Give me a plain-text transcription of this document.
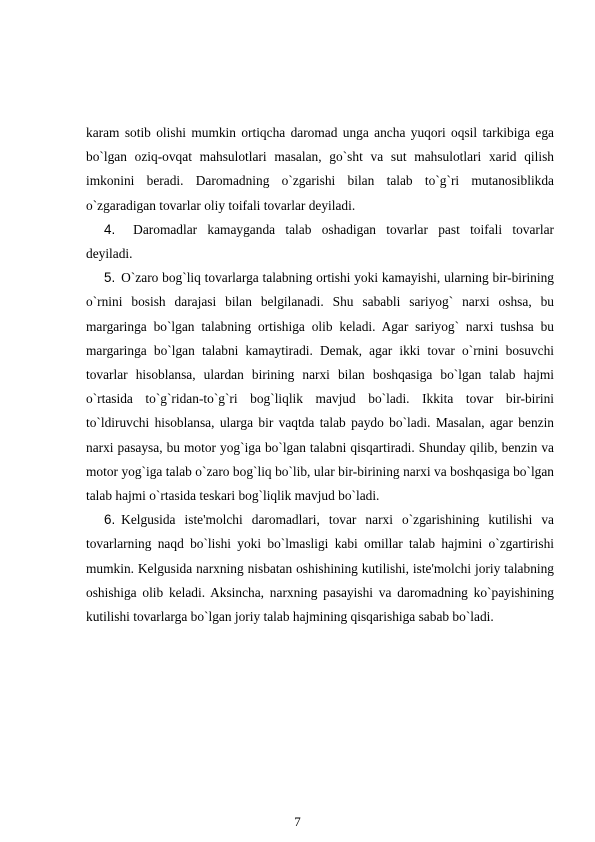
karam sotib olishi mumkin ortiqcha daromad unga ancha yuqori oqsil tarkibiga ega bo`lgan oziq-ovqat mahsulotlari masalan, go`sht va sut mahsulotlari xarid qilish imkonini beradi. Daromadning o`zgarishi bilan talab to`g`ri mutanosiblikda o`zgaradigan tovarlar oliy toifali tovarlar deyiladi.

4. Daromadlar kamayganda talab oshadigan tovarlar past toifali tovarlar deyiladi.

5. O`zaro bog`liq tovarlarga talabning ortishi yoki kamayishi, ularning bir-birining o`rnini bosish darajasi bilan belgilanadi. Shu sababli sariyog` narxi oshsa, bu margaringa bo`lgan talabning ortishiga olib keladi. Agar sariyog` narxi tushsa bu margaringa bo`lgan talabni kamaytiradi. Demak, agar ikki tovar o`rnini bosuvchi tovarlar hisoblansa, ulardan birining narxi bilan boshqasiga bo`lgan talab hajmi o`rtasida to`g`ridan-to`g`ri bog`liqlik mavjud bo`ladi. Ikkita tovar bir-birini to`ldiruvchi hisoblansa, ularga bir vaqtda talab paydo bo`ladi. Masalan, agar benzin narxi pasaysa, bu motor yog`iga bo`lgan talabni qisqartiradi. Shunday qilib, benzin va motor yog`iga talab o`zaro bog`liq bo`lib, ular bir-birining narxi va boshqasiga bo`lgan talab hajmi o`rtasida teskari bog`liqlik mavjud bo`ladi.

6. Kelgusida iste'molchi daromadlari, tovar narxi o`zgarishining kutilishi va tovarlarning naqd bo`lishi yoki bo`lmasligi kabi omillar talab hajmini o`zgartirishi mumkin. Kelgusida narxning nisbatan oshishining kutilishi, iste'molchi joriy talabning oshishiga olib keladi. Aksincha, narxning pasayishi va daromadning ko`payishining kutilishi tovarlarga bo`lgan joriy talab hajmining qisqarishiga sabab bo`ladi.

7
